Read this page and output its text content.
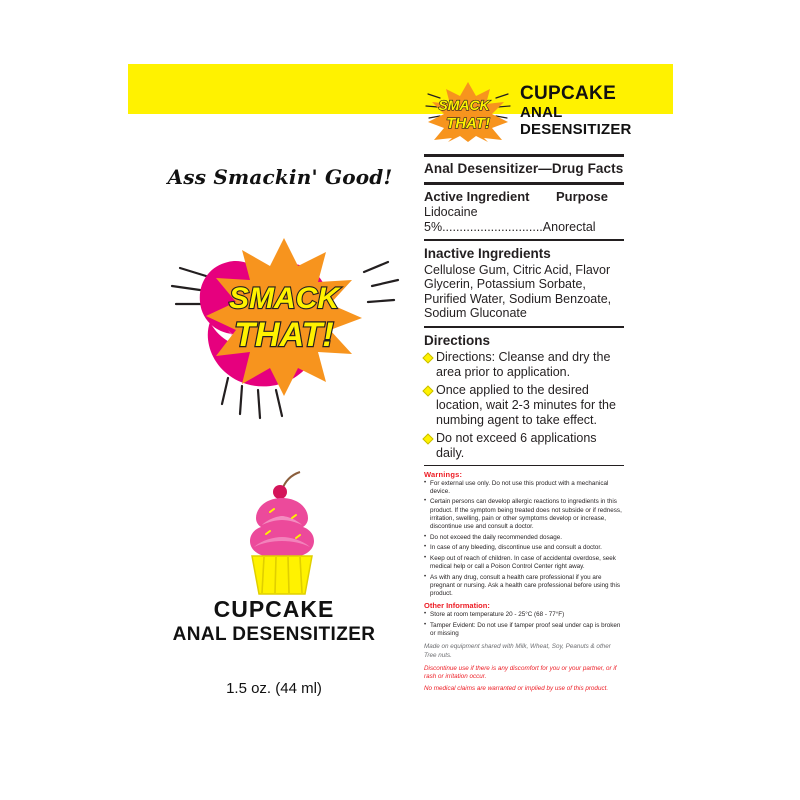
Ass Smackin' Good!
SMACK
THAT!
CUPCAKE
ANAL DESENSITIZER
1.5 oz. (44 ml)
SMACK
THAT!
CUPCAKE
ANAL
DESENSITIZER
Anal Desensitizer—Drug Facts
Active Ingredient Purpose
Lidocaine
5%.............................Anorectal
Inactive Ingredients
Cellulose Gum, Citric Acid, Flavor Glycerin, Potassium Sorbate, Purified Water, Sodium Benzoate, Sodium Gluconate
Directions
Directions: Cleanse and dry the area prior to application.
Once applied to the desired location, wait 2-3 minutes for the numbing agent to take effect.
Do not exceed 6 applications daily.
Warnings:
• For external use only. Do not use this product with a mechanical device.
• Certain persons can develop allergic reactions to ingredients in this product. If the symptom being treated does not subside or if redness, irritation, swelling, pain or other symptoms develop or increase, discontinue use and consult a doctor.
• Do not exceed the daily recommended dosage.
• In case of any bleeding, discontinue use and consult a doctor.
• Keep out of reach of children. In case of accidental overdose, seek medical help or call a Poison Control Center right away.
• As with any drug, consult a health care professional if you are pregnant or nursing. Ask a health care professional before using this product.
Other Information:
• Store at room temperature 20 - 25°C (68 - 77°F)
• Tamper Evident: Do not use if tamper proof seal under cap is broken or missing
Made on equipment shared with Milk, Wheat, Soy, Peanuts & other Tree nuts.
Discontinue use if there is any discomfort for you or your partner, or if rash or irritation occur.
No medical claims are warranted or implied by use of this product.
